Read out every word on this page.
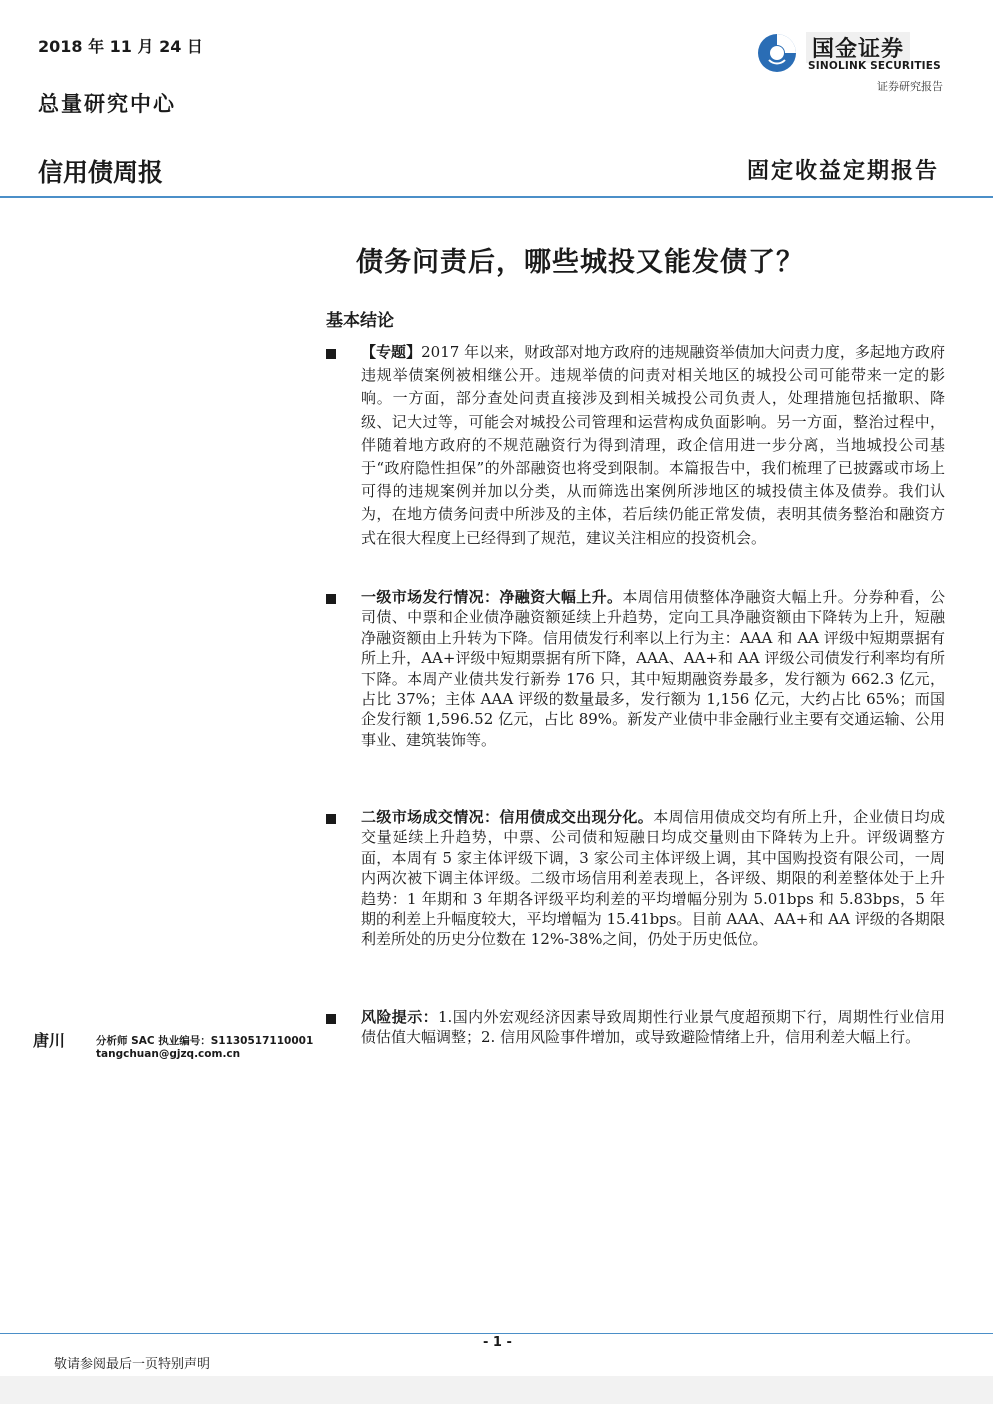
2018 年 11 月 24 日
总量研究中心
国金证券
SINOLINK SECURITIES
证券研究报告
信用债周报	固定收益定期报告
债务问责后，哪些城投又能发债了？
基本结论
【专题】2017 年以来，财政部对地方政府的违规融资举债加大问责力度，多起地方政府违规举债案例被相继公开。违规举债的问责对相关地区的城投公司可能带来一定的影响。一方面，部分查处问责直接涉及到相关城投公司负责人，处理措施包括撤职、降级、记大过等，可能会对城投公司管理和运营构成负面影响。另一方面，整治过程中，伴随着地方政府的不规范融资行为得到清理，政企信用进一步分离，当地城投公司基于“政府隐性担保”的外部融资也将受到限制。本篇报告中，我们梳理了已披露或市场上可得的违规案例并加以分类，从而筛选出案例所涉地区的城投债主体及债券。我们认为，在地方债务问责中所涉及的主体，若后续仍能正常发债，表明其债务整治和融资方式在很大程度上已经得到了规范，建议关注相应的投资机会。
一级市场发行情况：净融资大幅上升。本周信用债整体净融资大幅上升。分券种看，公司债、中票和企业债净融资额延续上升趋势，定向工具净融资额由下降转为上升，短融净融资额由上升转为下降。信用债发行利率以上行为主：AAA 和 AA 评级中短期票据有所上升，AA+评级中短期票据有所下降，AAA、AA+和 AA 评级公司债发行利率均有所下降。本周产业债共发行新券 176 只，其中短期融资券最多，发行额为 662.3 亿元，占比 37%；主体 AAA 评级的数量最多，发行额为 1,156 亿元，大约占比 65%；而国企发行额 1,596.52 亿元，占比 89%。新发产业债中非金融行业主要有交通运输、公用事业、建筑装饰等。
二级市场成交情况：信用债成交出现分化。本周信用债成交均有所上升，企业债日均成交量延续上升趋势，中票、公司债和短融日均成交量则由下降转为上升。评级调整方面，本周有 5 家主体评级下调，3 家公司主体评级上调，其中国购投资有限公司，一周内两次被下调主体评级。二级市场信用利差表现上，各评级、期限的利差整体处于上升趋势：1 年期和 3 年期各评级平均利差的平均增幅分别为 5.01bps 和 5.83bps，5 年期的利差上升幅度较大，平均增幅为 15.41bps。目前 AAA、AA+和 AA 评级的各期限利差所处的历史分位数在 12%-38%之间，仍处于历史低位。
风险提示：1.国内外宏观经济因素导致周期性行业景气度超预期下行，周期性行业信用债估值大幅调整；2. 信用风险事件增加，或导致避险情绪上升，信用利差大幅上行。
唐川	分析师 SAC 执业编号：S1130517110001
tangchuan@gjzq.com.cn
- 1 -
敬请参阅最后一页特别声明
